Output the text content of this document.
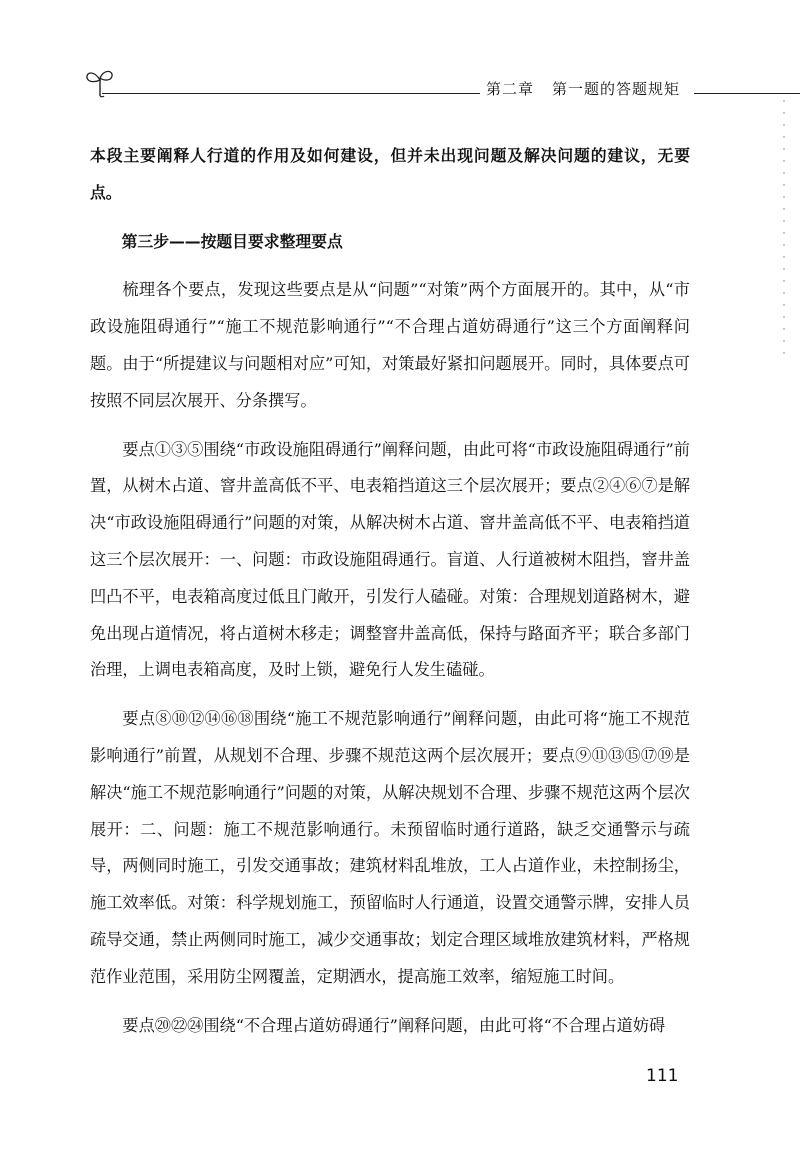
第二章 第一题的答题规矩

本段主要阐释人行道的作用及如何建设，但并未出现问题及解决问题的建议，无要点。

第三步——按题目要求整理要点

梳理各个要点，发现这些要点是从“问题”“对策”两个方面展开的。其中，从“市政设施阻碍通行”“施工不规范影响通行”“不合理占道妨碍通行”这三个方面阐释问题。由于“所提建议与问题相对应”可知，对策最好紧扣问题展开。同时，具体要点可按照不同层次展开、分条撰写。

要点①③⑤围绕“市政设施阻碍通行”阐释问题，由此可将“市政设施阻碍通行”前置，从树木占道、窨井盖高低不平、电表箱挡道这三个层次展开；要点②④⑥⑦是解决“市政设施阻碍通行”问题的对策，从解决树木占道、窨井盖高低不平、电表箱挡道这三个层次展开：一、问题：市政设施阻碍通行。盲道、人行道被树木阻挡，窨井盖凹凸不平，电表箱高度过低且门敞开，引发行人磕碰。对策：合理规划道路树木，避免出现占道情况，将占道树木移走；调整窨井盖高低，保持与路面齐平；联合多部门治理，上调电表箱高度，及时上锁，避免行人发生磕碰。

要点⑧⑩⑫⑭⑯⑱围绕“施工不规范影响通行”阐释问题，由此可将“施工不规范影响通行”前置，从规划不合理、步骤不规范这两个层次展开；要点⑨⑪⑬⑮⑰⑲是解决“施工不规范影响通行”问题的对策，从解决规划不合理、步骤不规范这两个层次展开：二、问题：施工不规范影响通行。未预留临时通行道路，缺乏交通警示与疏导，两侧同时施工，引发交通事故；建筑材料乱堆放，工人占道作业，未控制扬尘，施工效率低。对策：科学规划施工，预留临时人行通道，设置交通警示牌，安排人员疏导交通，禁止两侧同时施工，减少交通事故；划定合理区域堆放建筑材料，严格规范作业范围，采用防尘网覆盖，定期洒水，提高施工效率，缩短施工时间。

要点⑳㉒㉔围绕“不合理占道妨碍通行”阐释问题，由此可将“不合理占道妨碍

111
